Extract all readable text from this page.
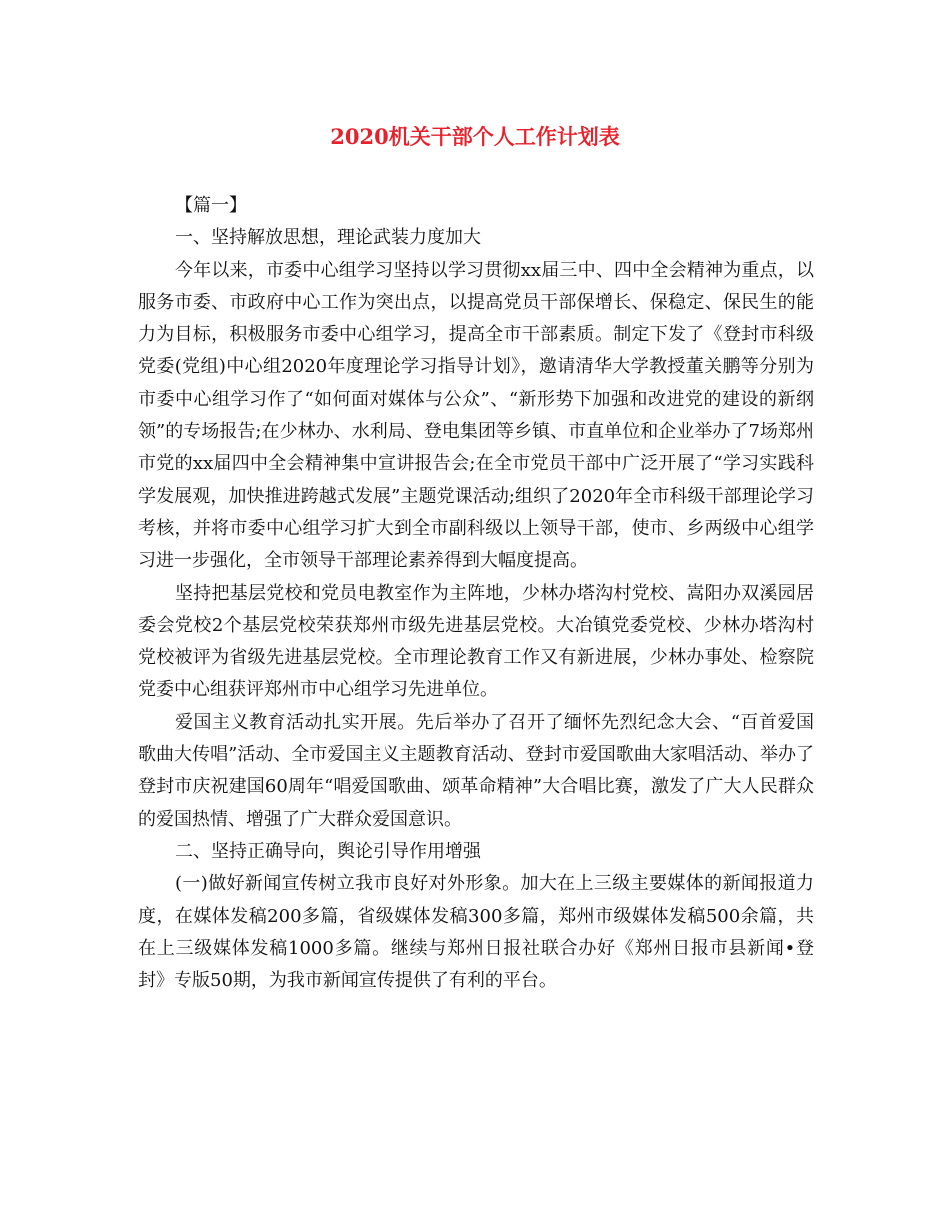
2020机关干部个人工作计划表

【篇一】

一、坚持解放思想，理论武装力度加大

今年以来，市委中心组学习坚持以学习贯彻xx届三中、四中全会精神为重点，以服务市委、市政府中心工作为突出点，以提高党员干部保增长、保稳定、保民生的能力为目标，积极服务市委中心组学习，提高全市干部素质。制定下发了《登封市科级党委(党组)中心组2020年度理论学习指导计划》，邀请清华大学教授董关鹏等分别为市委中心组学习作了“如何面对媒体与公众”、“新形势下加强和改进党的建设的新纲领”的专场报告;在少林办、水利局、登电集团等乡镇、市直单位和企业举办了7场郑州市党的xx届四中全会精神集中宣讲报告会;在全市党员干部中广泛开展了“学习实践科学发展观，加快推进跨越式发展”主题党课活动;组织了2020年全市科级干部理论学习考核，并将市委中心组学习扩大到全市副科级以上领导干部，使市、乡两级中心组学习进一步强化，全市领导干部理论素养得到大幅度提高。

坚持把基层党校和党员电教室作为主阵地，少林办塔沟村党校、嵩阳办双溪园居委会党校2个基层党校荣获郑州市级先进基层党校。大冶镇党委党校、少林办塔沟村党校被评为省级先进基层党校。全市理论教育工作又有新进展，少林办事处、检察院党委中心组获评郑州市中心组学习先进单位。

爱国主义教育活动扎实开展。先后举办了召开了缅怀先烈纪念大会、“百首爱国歌曲大传唱”活动、全市爱国主义主题教育活动、登封市爱国歌曲大家唱活动、举办了登封市庆祝建国60周年“唱爱国歌曲、颂革命精神”大合唱比赛，激发了广大人民群众的爱国热情、增强了广大群众爱国意识。

二、坚持正确导向，舆论引导作用增强

(一)做好新闻宣传树立我市良好对外形象。加大在上三级主要媒体的新闻报道力度，在媒体发稿200多篇，省级媒体发稿300多篇，郑州市级媒体发稿500余篇，共在上三级媒体发稿1000多篇。继续与郑州日报社联合办好《郑州日报市县新闻•登封》专版50期，为我市新闻宣传提供了有利的平台。
